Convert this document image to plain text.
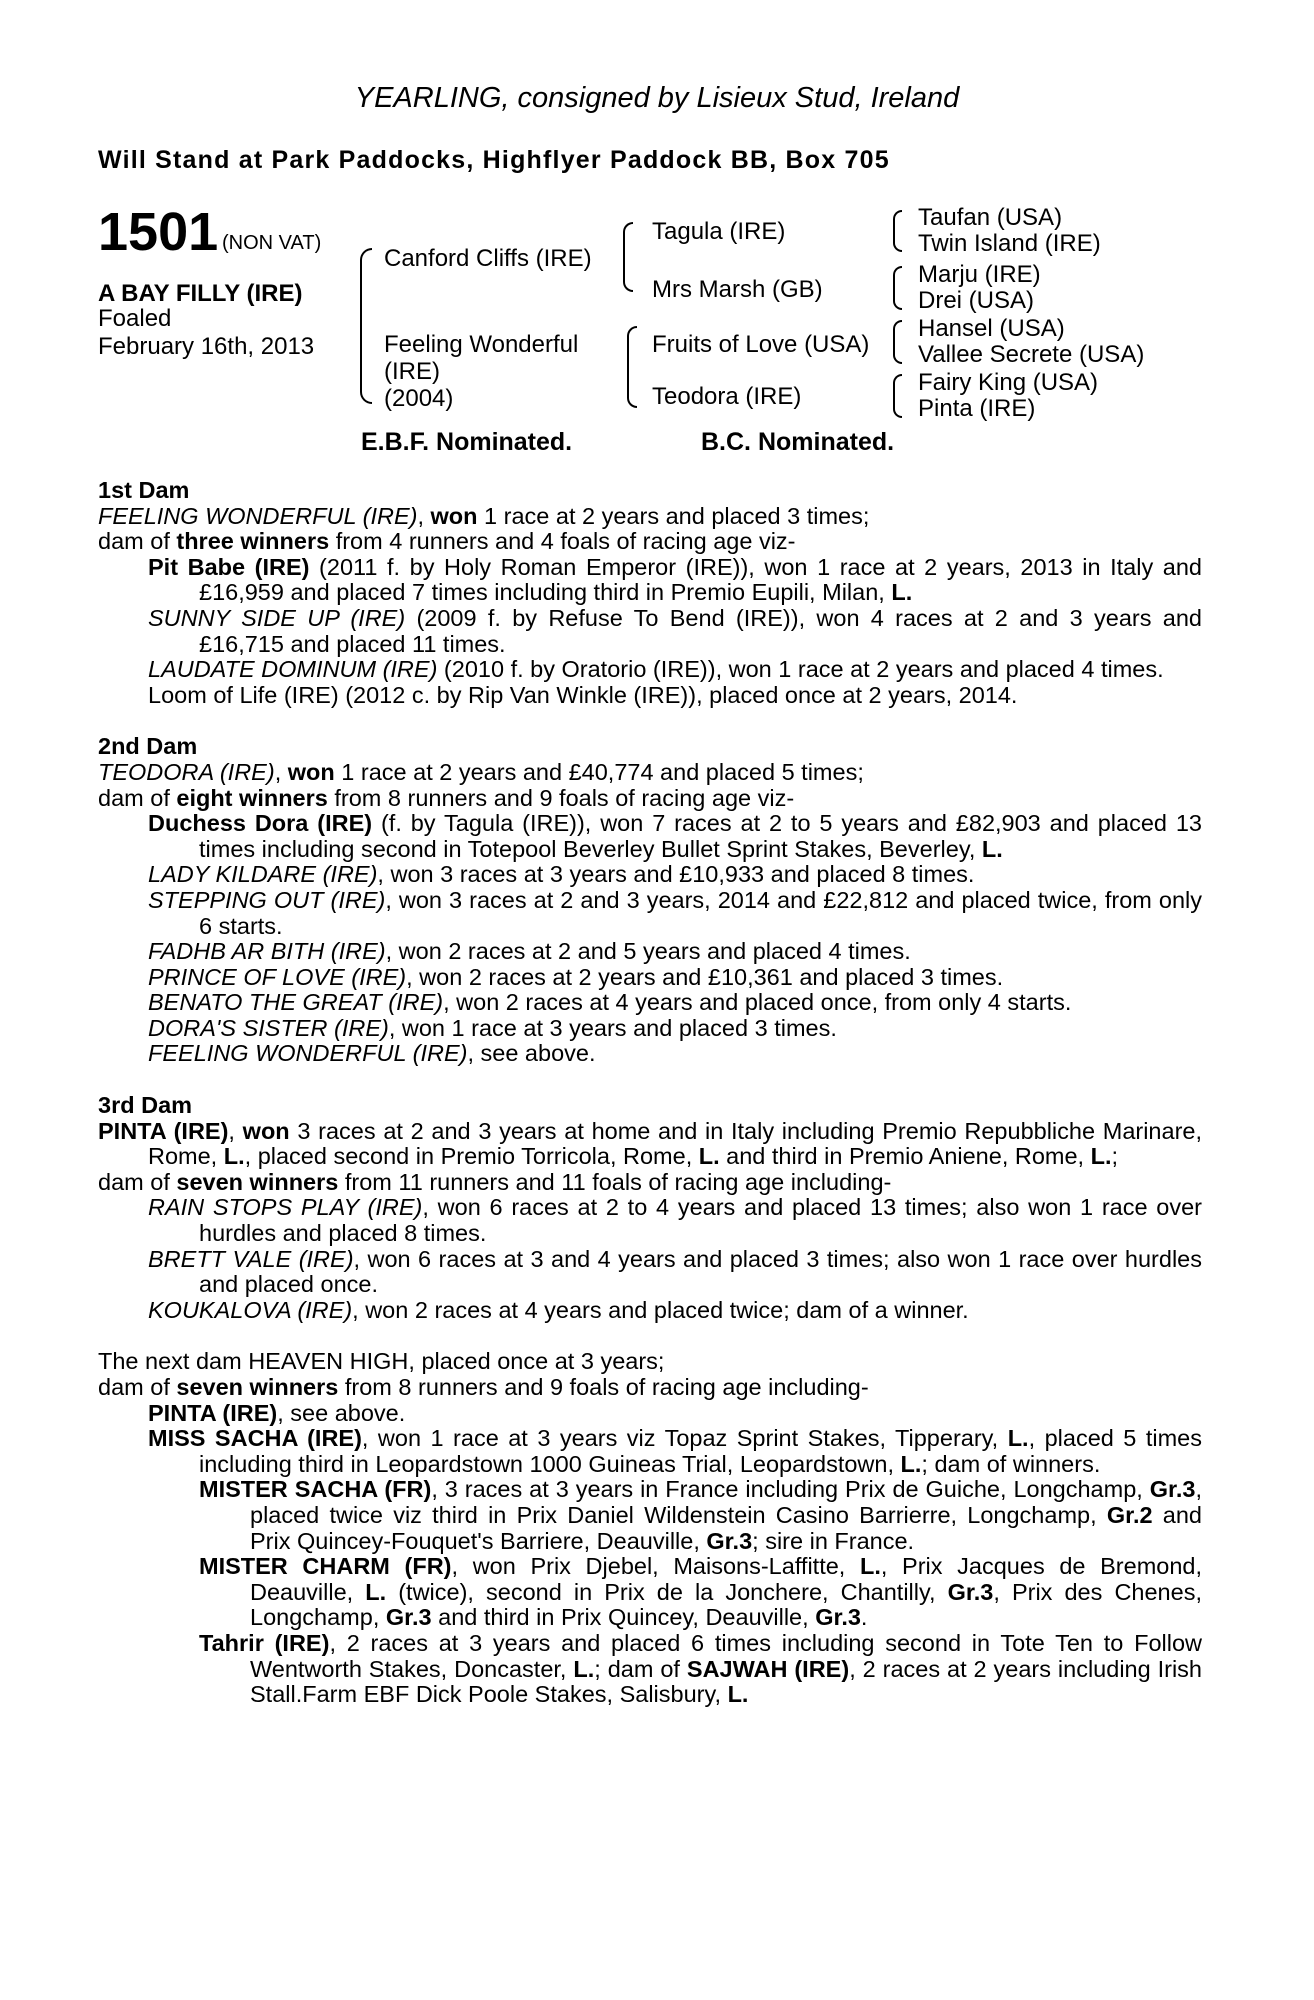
YEARLING, consigned by Lisieux Stud, Ireland
Will Stand at Park Paddocks, Highflyer Paddock BB, Box 705
1501 (NON VAT)
A BAY FILLY (IRE)
Foaled
February 16th, 2013
Canford Cliffs (IRE)
Feeling Wonderful
(IRE)
(2004)
Tagula (IRE)
Mrs Marsh (GB)
Fruits of Love (USA)
Teodora (IRE)
Taufan (USA)
Twin Island (IRE)
Marju (IRE)
Drei (USA)
Hansel (USA)
Vallee Secrete (USA)
Fairy King (USA)
Pinta (IRE)
E.B.F. Nominated.	B.C. Nominated.

1st Dam

FEELING WONDERFUL (IRE), won 1 race at 2 years and placed 3 times;

dam of three winners from 4 runners and 4 foals of racing age viz-

Pit Babe (IRE) (2011 f. by Holy Roman Emperor (IRE)), won 1 race at 2 years, 2013 in Italy and £16,959 and placed 7 times including third in Premio Eupili, Milan, L.

SUNNY SIDE UP (IRE) (2009 f. by Refuse To Bend (IRE)), won 4 races at 2 and 3 years and £16,715 and placed 11 times.

LAUDATE DOMINUM (IRE) (2010 f. by Oratorio (IRE)), won 1 race at 2 years and placed 4 times.

Loom of Life (IRE) (2012 c. by Rip Van Winkle (IRE)), placed once at 2 years, 2014.

2nd Dam

TEODORA (IRE), won 1 race at 2 years and £40,774 and placed 5 times;

dam of eight winners from 8 runners and 9 foals of racing age viz-

Duchess Dora (IRE) (f. by Tagula (IRE)), won 7 races at 2 to 5 years and £82,903 and placed 13 times including second in Totepool Beverley Bullet Sprint Stakes, Beverley, L.

LADY KILDARE (IRE), won 3 races at 3 years and £10,933 and placed 8 times.

STEPPING OUT (IRE), won 3 races at 2 and 3 years, 2014 and £22,812 and placed twice, from only 6 starts.

FADHB AR BITH (IRE), won 2 races at 2 and 5 years and placed 4 times.

PRINCE OF LOVE (IRE), won 2 races at 2 years and £10,361 and placed 3 times.

BENATO THE GREAT (IRE), won 2 races at 4 years and placed once, from only 4 starts.

DORA'S SISTER (IRE), won 1 race at 3 years and placed 3 times.

FEELING WONDERFUL (IRE), see above.

3rd Dam

PINTA (IRE), won 3 races at 2 and 3 years at home and in Italy including Premio Repubbliche Marinare, Rome, L., placed second in Premio Torricola, Rome, L. and third in Premio Aniene, Rome, L.;

dam of seven winners from 11 runners and 11 foals of racing age including-

RAIN STOPS PLAY (IRE), won 6 races at 2 to 4 years and placed 13 times; also won 1 race over hurdles and placed 8 times.

BRETT VALE (IRE), won 6 races at 3 and 4 years and placed 3 times; also won 1 race over hurdles and placed once.

KOUKALOVA (IRE), won 2 races at 4 years and placed twice; dam of a winner.

The next dam HEAVEN HIGH, placed once at 3 years;

dam of seven winners from 8 runners and 9 foals of racing age including-

PINTA (IRE), see above.

MISS SACHA (IRE), won 1 race at 3 years viz Topaz Sprint Stakes, Tipperary, L., placed 5 times including third in Leopardstown 1000 Guineas Trial, Leopardstown, L.; dam of winners.

MISTER SACHA (FR), 3 races at 3 years in France including Prix de Guiche, Longchamp, Gr.3, placed twice viz third in Prix Daniel Wildenstein Casino Barrierre, Longchamp, Gr.2 and Prix Quincey-Fouquet's Barriere, Deauville, Gr.3; sire in France.

MISTER CHARM (FR), won Prix Djebel, Maisons-Laffitte, L., Prix Jacques de Bremond, Deauville, L. (twice), second in Prix de la Jonchere, Chantilly, Gr.3, Prix des Chenes, Longchamp, Gr.3 and third in Prix Quincey, Deauville, Gr.3.

Tahrir (IRE), 2 races at 3 years and placed 6 times including second in Tote Ten to Follow Wentworth Stakes, Doncaster, L.; dam of SAJWAH (IRE), 2 races at 2 years including Irish Stall.Farm EBF Dick Poole Stakes, Salisbury, L.
